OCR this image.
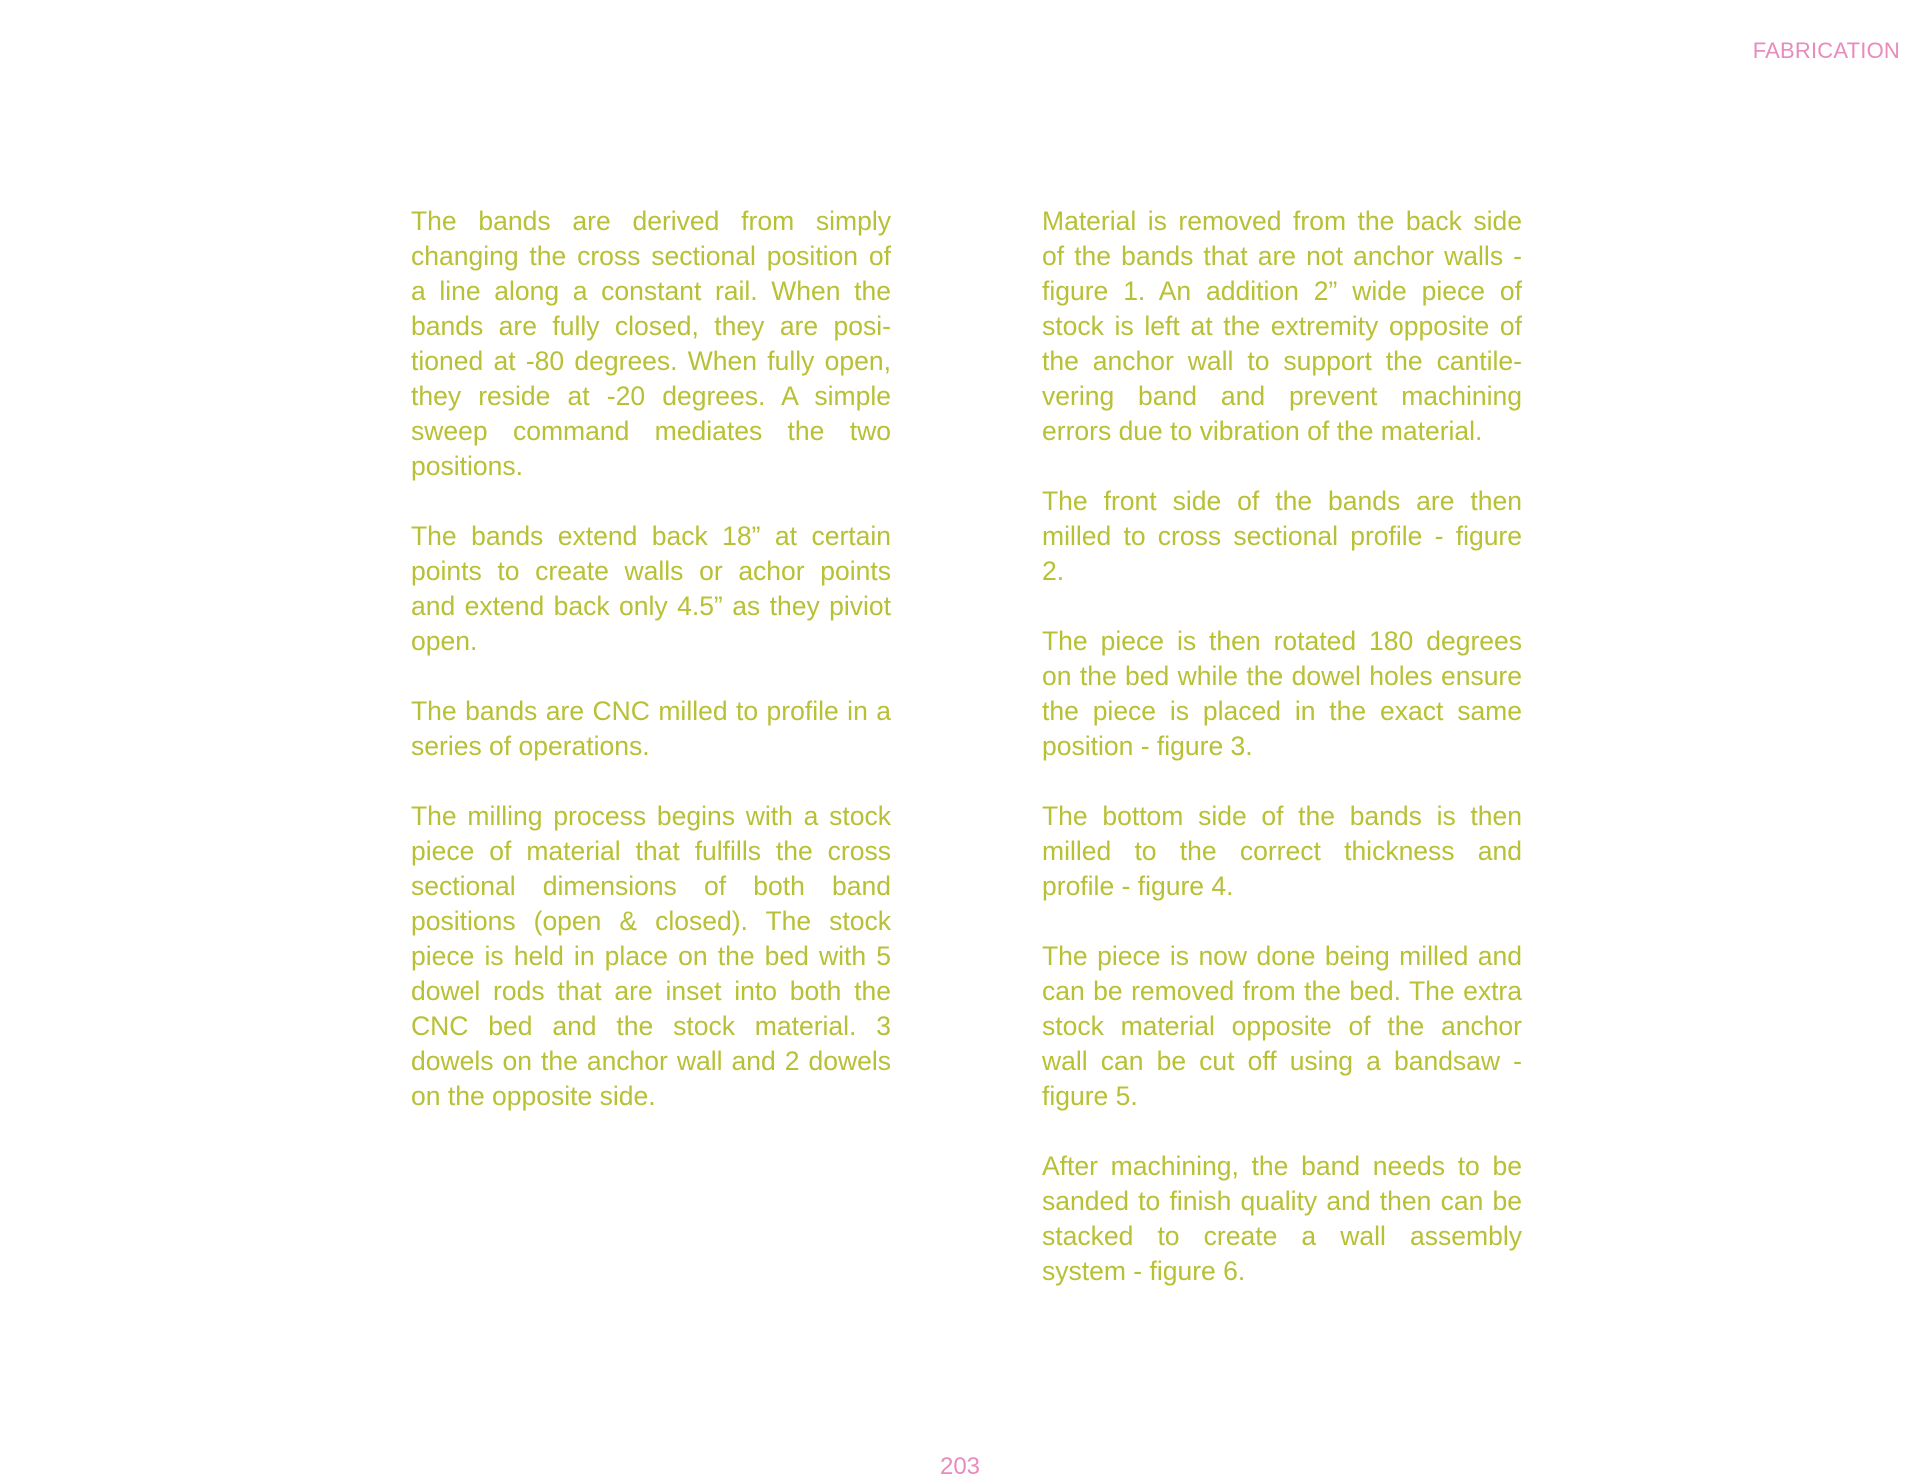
FABRICATION

The bands are derived from simply changing the cross sectional position of a line along a constant rail. When the bands are fully closed, they are positioned at -80 degrees. When fully open, they reside at -20 degrees. A simple sweep command mediates the two positions.

The bands extend back 18” at certain points to create walls or achor points and extend back only 4.5” as they piviot open.

The bands are CNC milled to profile in a series of operations.

The milling process begins with a stock piece of material that fulfills the cross sectional dimensions of both band positions (open & closed). The stock piece is held in place on the bed with 5 dowel rods that are inset into both the CNC bed and the stock material. 3 dowels on the anchor wall and 2 dowels on the opposite side.

Material is removed from the back side of the bands that are not anchor walls - figure 1. An addition 2” wide piece of stock is left at the extremity opposite of the anchor wall to support the cantilevering band and prevent machining errors due to vibration of the material.

The front side of the bands are then milled to cross sectional profile - figure 2.

The piece is then rotated 180 degrees on the bed while the dowel holes ensure the piece is placed in the exact same position - figure 3.

The bottom side of the bands is then milled to the correct thickness and profile - figure 4.

The piece is now done being milled and can be removed from the bed. The extra stock material opposite of the anchor wall can be cut off using a bandsaw - figure 5.

After machining, the band needs to be sanded to finish quality and then can be stacked to create a wall assembly system - figure 6.

203
